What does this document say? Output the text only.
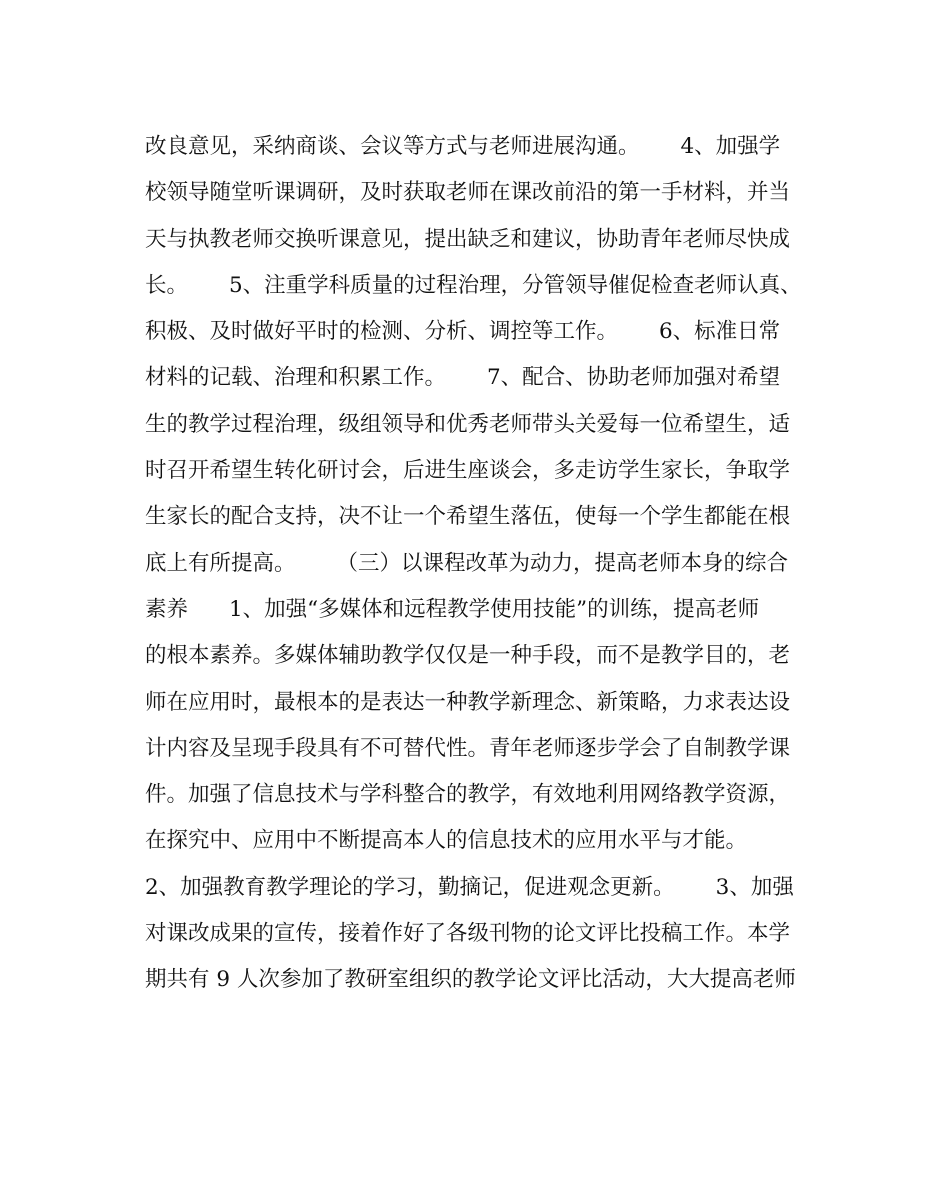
改良意见，采纳商谈、会议等方式与老师进展沟通。      4、加强学
校领导随堂听课调研，及时获取老师在课改前沿的第一手材料，并当
天与执教老师交换听课意见，提出缺乏和建议，协助青年老师尽快成
长。      5、注重学科质量的过程治理，分管领导催促检查老师认真、
积极、及时做好平时的检测、分析、调控等工作。      6、标准日常
材料的记载、治理和积累工作。      7、配合、协助老师加强对希望
生的教学过程治理，级组领导和优秀老师带头关爱每一位希望生，适
时召开希望生转化研讨会，后进生座谈会，多走访学生家长，争取学
生家长的配合支持，决不让一个希望生落伍，使每一个学生都能在根
底上有所提高。      （三）以课程改革为动力，提高老师本身的综合
素养      1、加强“多媒体和远程教学使用技能”的训练，提高老师
的根本素养。多媒体辅助教学仅仅是一种手段，而不是教学目的，老
师在应用时，最根本的是表达一种教学新理念、新策略，力求表达设
计内容及呈现手段具有不可替代性。青年老师逐步学会了自制教学课
件。加强了信息技术与学科整合的教学，有效地利用网络教学资源，
在探究中、应用中不断提高本人的信息技术的应用水平与才能。
2、加强教育教学理论的学习，勤摘记，促进观念更新。      3、加强
对课改成果的宣传，接着作好了各级刊物的论文评比投稿工作。本学
期共有 9 人次参加了教研室组织的教学论文评比活动，大大提高老师
